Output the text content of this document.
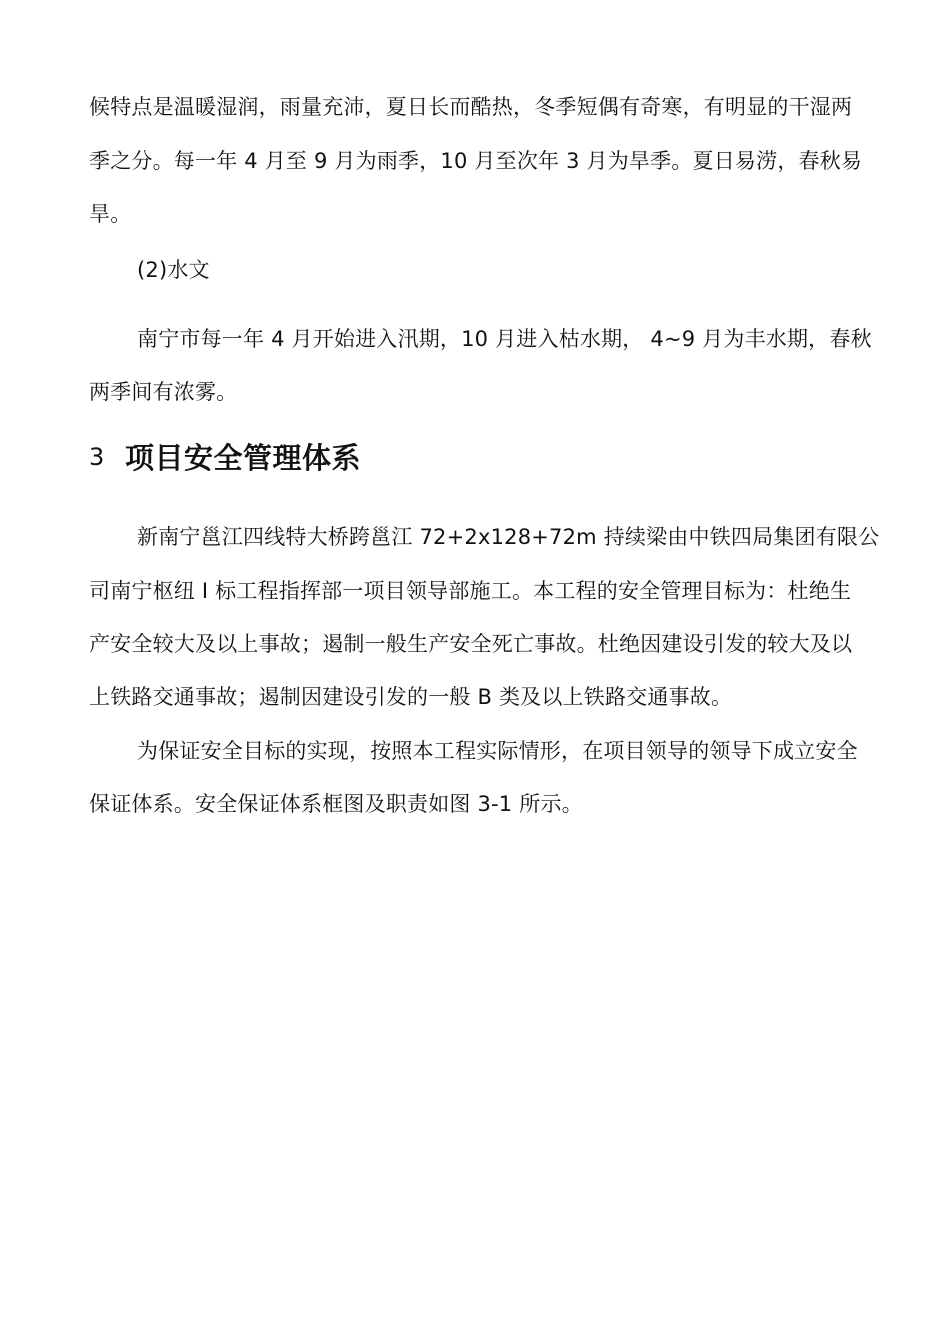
候特点是温暖湿润，雨量充沛，夏日长而酷热，冬季短偶有奇寒，有明显的干湿两
季之分。每一年 4 月至 9 月为雨季，10 月至次年 3 月为旱季。夏日易涝，春秋易
旱。
(2)水文
南宁市每一年 4 月开始进入汛期，10 月进入枯水期， 4~9 月为丰水期，春秋
两季间有浓雾。
3 项目安全管理体系
新南宁邕江四线特大桥跨邕江 72+2x128+72m 持续梁由中铁四局集团有限公
司南宁枢纽 I 标工程指挥部一项目领导部施工。本工程的安全管理目标为：杜绝生
产安全较大及以上事故；遏制一般生产安全死亡事故。杜绝因建设引发的较大及以
上铁路交通事故；遏制因建设引发的一般 B 类及以上铁路交通事故。
为保证安全目标的实现，按照本工程实际情形，在项目领导的领导下成立安全
保证体系。安全保证体系框图及职责如图 3-1 所示。
